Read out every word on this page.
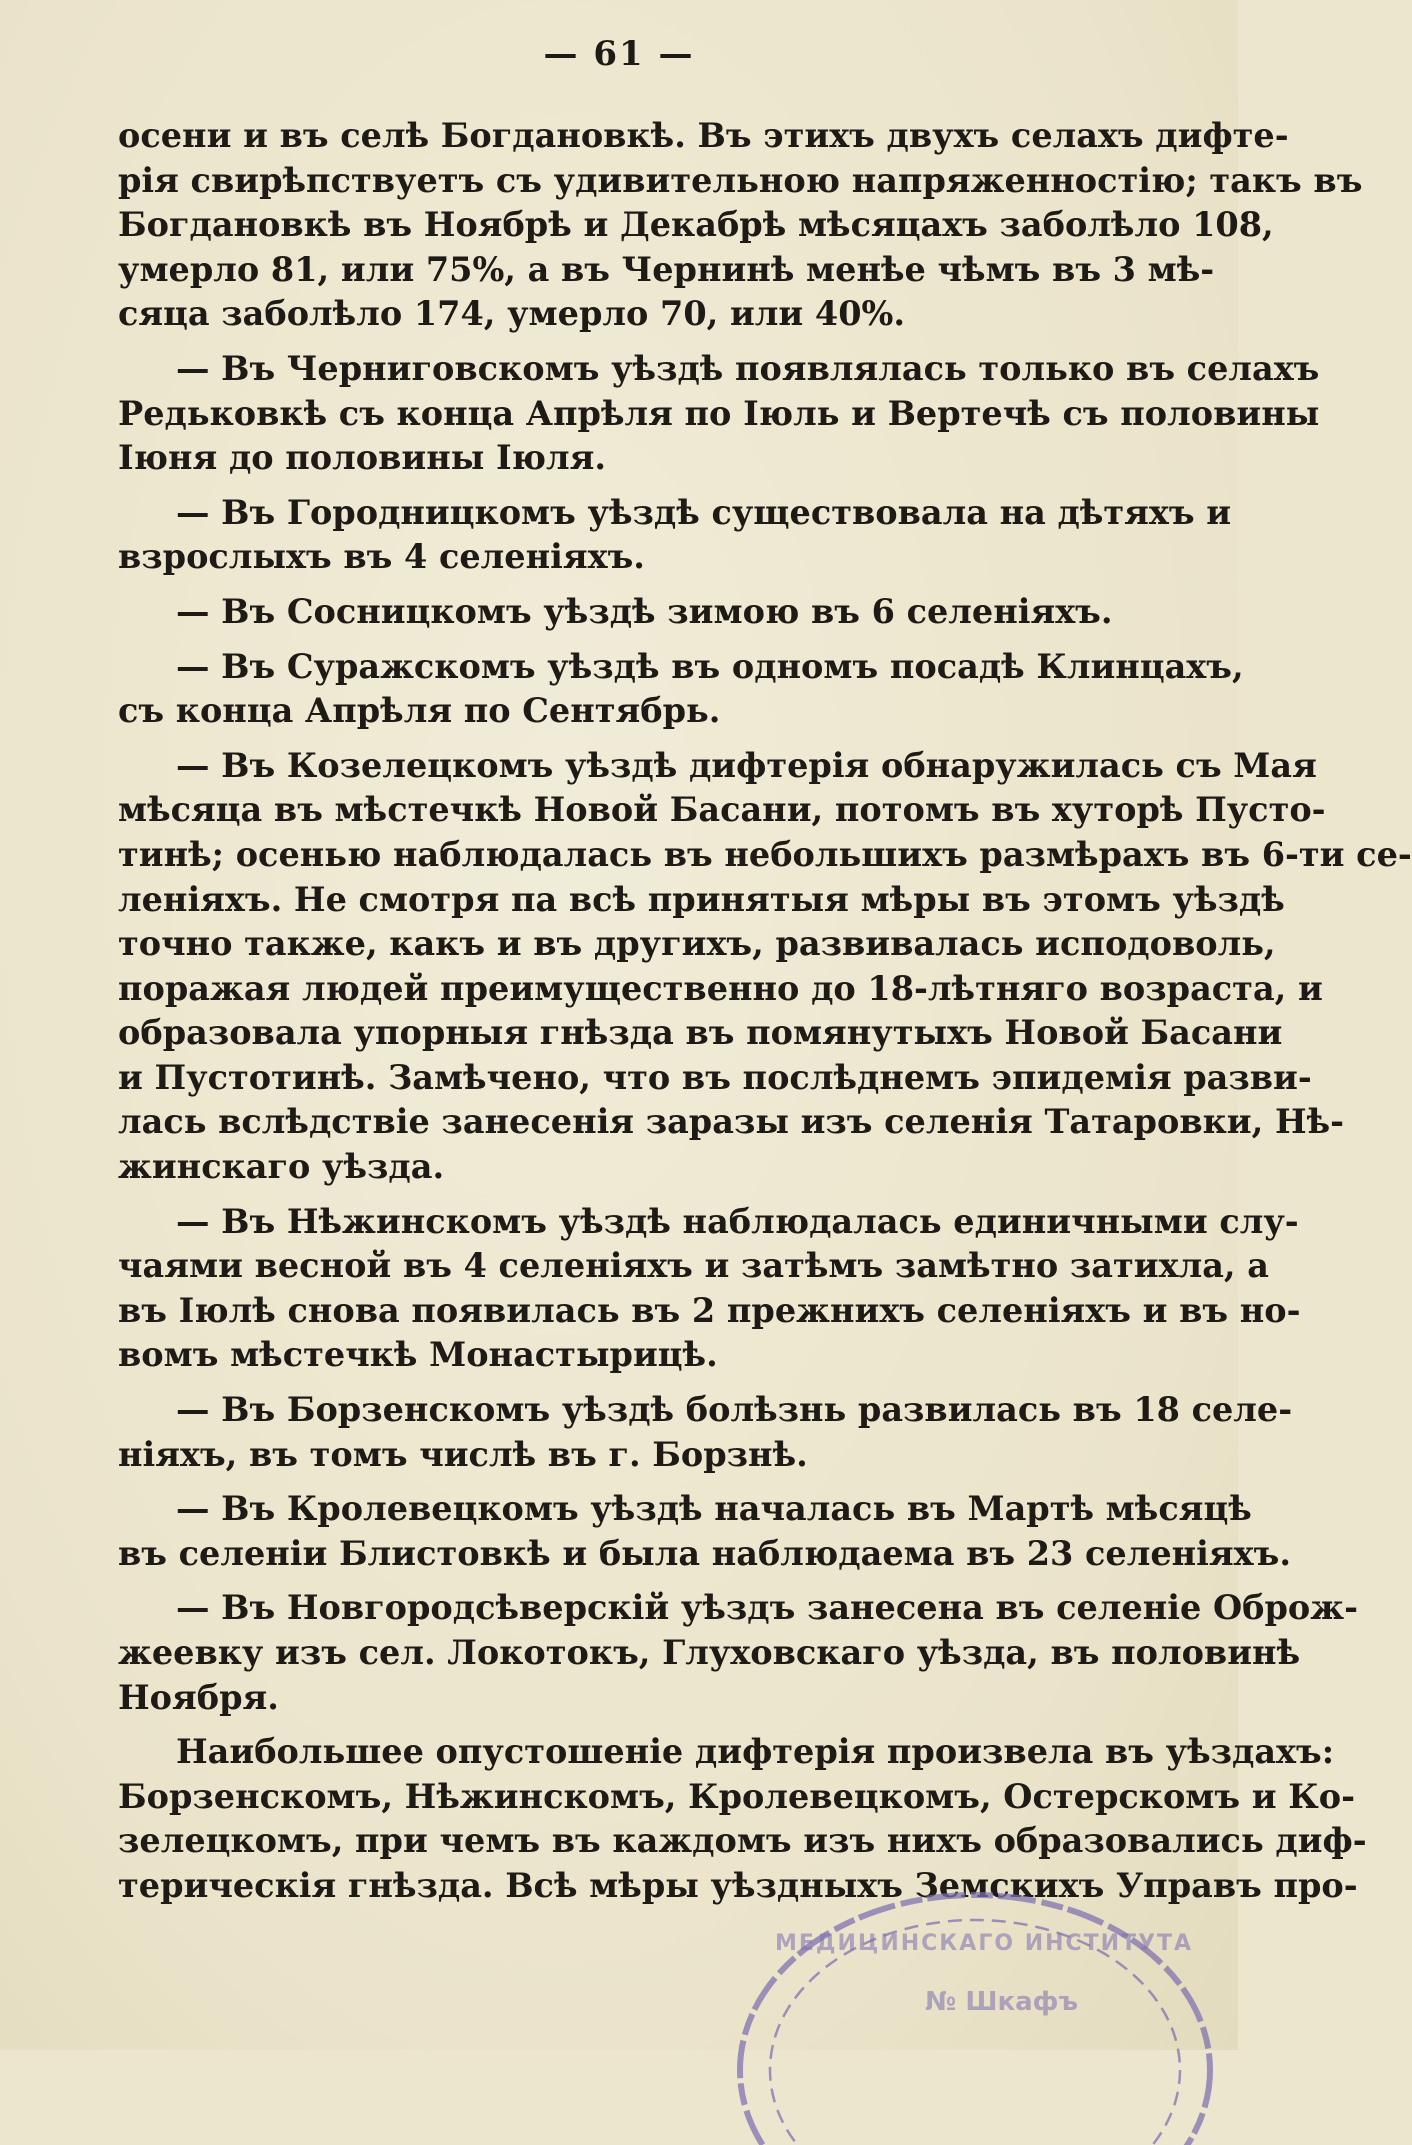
— 61 —
осени и въ селѣ Богдановкѣ. Въ этихъ двухъ селахъ дифте-
рія свирѣпствуетъ съ удивительною напряженностію; такъ въ
Богдановкѣ въ Ноябрѣ и Декабрѣ мѣсяцахъ заболѣло 108,
умерло 81, или 75%, а въ Чернинѣ менѣе чѣмъ въ 3 мѣ-
сяца заболѣло 174, умерло 70, или 40%.
— Въ Черниговскомъ уѣздѣ появлялась только въ селахъ
Редьковкѣ съ конца Апрѣля по Іюль и Вертечѣ съ половины
Іюня до половины Іюля.
— Въ Городницкомъ уѣздѣ существовала на дѣтяхъ и
взрослыхъ въ 4 селеніяхъ.
— Въ Сосницкомъ уѣздѣ зимою въ 6 селеніяхъ.
— Въ Суражскомъ уѣздѣ въ одномъ посадѣ Клинцахъ,
съ конца Апрѣля по Сентябрь.
— Въ Козелецкомъ уѣздѣ дифтерія обнаружилась съ Мая
мѣсяца въ мѣстечкѣ Новой Басани, потомъ въ хуторѣ Пусто-
тинѣ; осенью наблюдалась въ небольшихъ размѣрахъ въ 6-ти се-
леніяхъ. Не смотря па всѣ принятыя мѣры въ этомъ уѣздѣ
точно также, какъ и въ другихъ, развивалась исподоволь,
поражая людей преимущественно до 18-лѣтняго возраста, и
образовала упорныя гнѣзда въ помянутыхъ Новой Басани
и Пустотинѣ. Замѣчено, что въ послѣднемъ эпидемія разви-
лась вслѣдствіе занесенія заразы изъ селенія Татаровки, Нѣ-
жинскаго уѣзда.
— Въ Нѣжинскомъ уѣздѣ наблюдалась единичными слу-
чаями весной въ 4 селеніяхъ и затѣмъ замѣтно затихла, а
въ Іюлѣ снова появилась въ 2 прежнихъ селеніяхъ и въ но-
вомъ мѣстечкѣ Монастырицѣ.
— Въ Борзенскомъ уѣздѣ болѣзнь развилась въ 18 селе-
ніяхъ, въ томъ числѣ въ г. Борзнѣ.
— Въ Кролевецкомъ уѣздѣ началась въ Мартѣ мѣсяцѣ
въ селеніи Блистовкѣ и была наблюдаема въ 23 селеніяхъ.
— Въ Новгородсѣверскій уѣздъ занесена въ селеніе Оброж-
жеевку изъ сел. Локотокъ, Глуховскаго уѣзда, въ половинѣ
Ноября.
Наибольшее опустошеніе дифтерія произвела въ уѣздахъ:
Борзенскомъ, Нѣжинскомъ, Кролевецкомъ, Остерскомъ и Ко-
зелецкомъ, при чемъ въ каждомъ изъ нихъ образовались диф-
терическія гнѣзда. Всѣ мѣры уѣздныхъ Земскихъ Управъ про-
МЕДИЦИНСКАГО ИНСТИТУТА
№ Шкафъ
